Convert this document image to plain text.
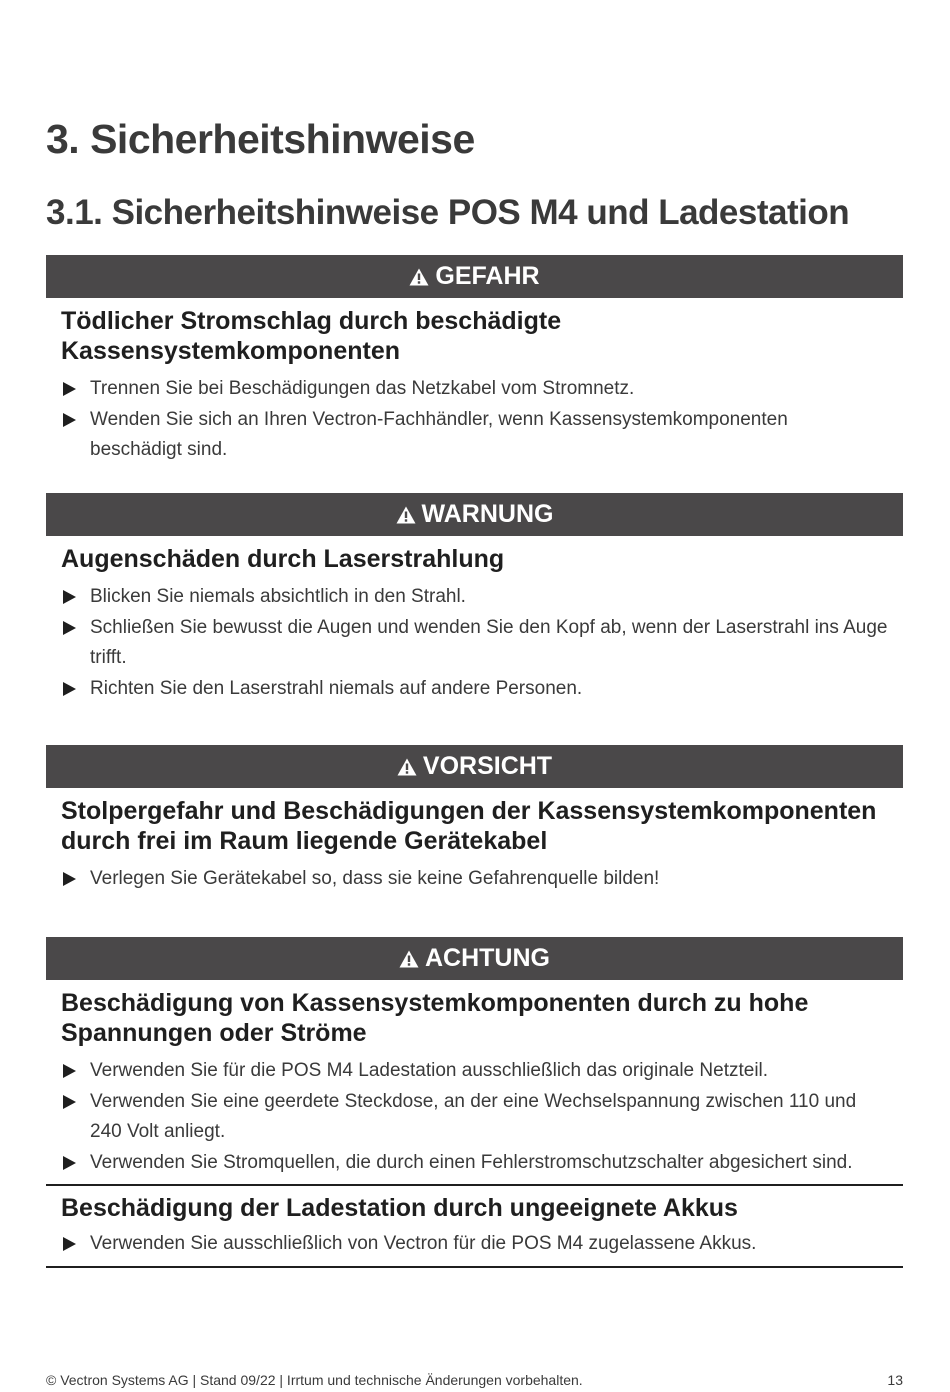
3. Sicherheitshinweise
3.1. Sicherheitshinweise POS M4 und Ladestation
GEFAHR
Tödlicher Stromschlag durch beschädigte Kassensystemkomponenten
Trennen Sie bei Beschädigungen das Netzkabel vom Stromnetz.
Wenden Sie sich an Ihren Vectron-Fachhändler, wenn Kassensystemkomponenten beschädigt sind.
WARNUNG
Augenschäden durch Laserstrahlung
Blicken Sie niemals absichtlich in den Strahl.
Schließen Sie bewusst die Augen und wenden Sie den Kopf ab, wenn der Laserstrahl ins Auge trifft.
Richten Sie den Laserstrahl niemals auf andere Personen.
VORSICHT
Stolpergefahr und Beschädigungen der Kassensystemkomponenten durch frei im Raum liegende Gerätekabel
Verlegen Sie Gerätekabel so, dass sie keine Gefahrenquelle bilden!
ACHTUNG
Beschädigung von Kassensystemkomponenten durch zu hohe Spannungen oder Ströme
Verwenden Sie für die POS M4 Ladestation ausschließlich das originale Netzteil.
Verwenden Sie eine geerdete Steckdose, an der eine Wechselspannung zwischen 110 und 240 Volt anliegt.
Verwenden Sie Stromquellen, die durch einen Fehlerstromschutzschalter abgesichert sind.
Beschädigung der Ladestation durch ungeeignete Akkus
Verwenden Sie ausschließlich von Vectron für die POS M4 zugelassene Akkus.
© Vectron Systems AG | Stand 09/22 | Irrtum und technische Änderungen vorbehalten.	13
